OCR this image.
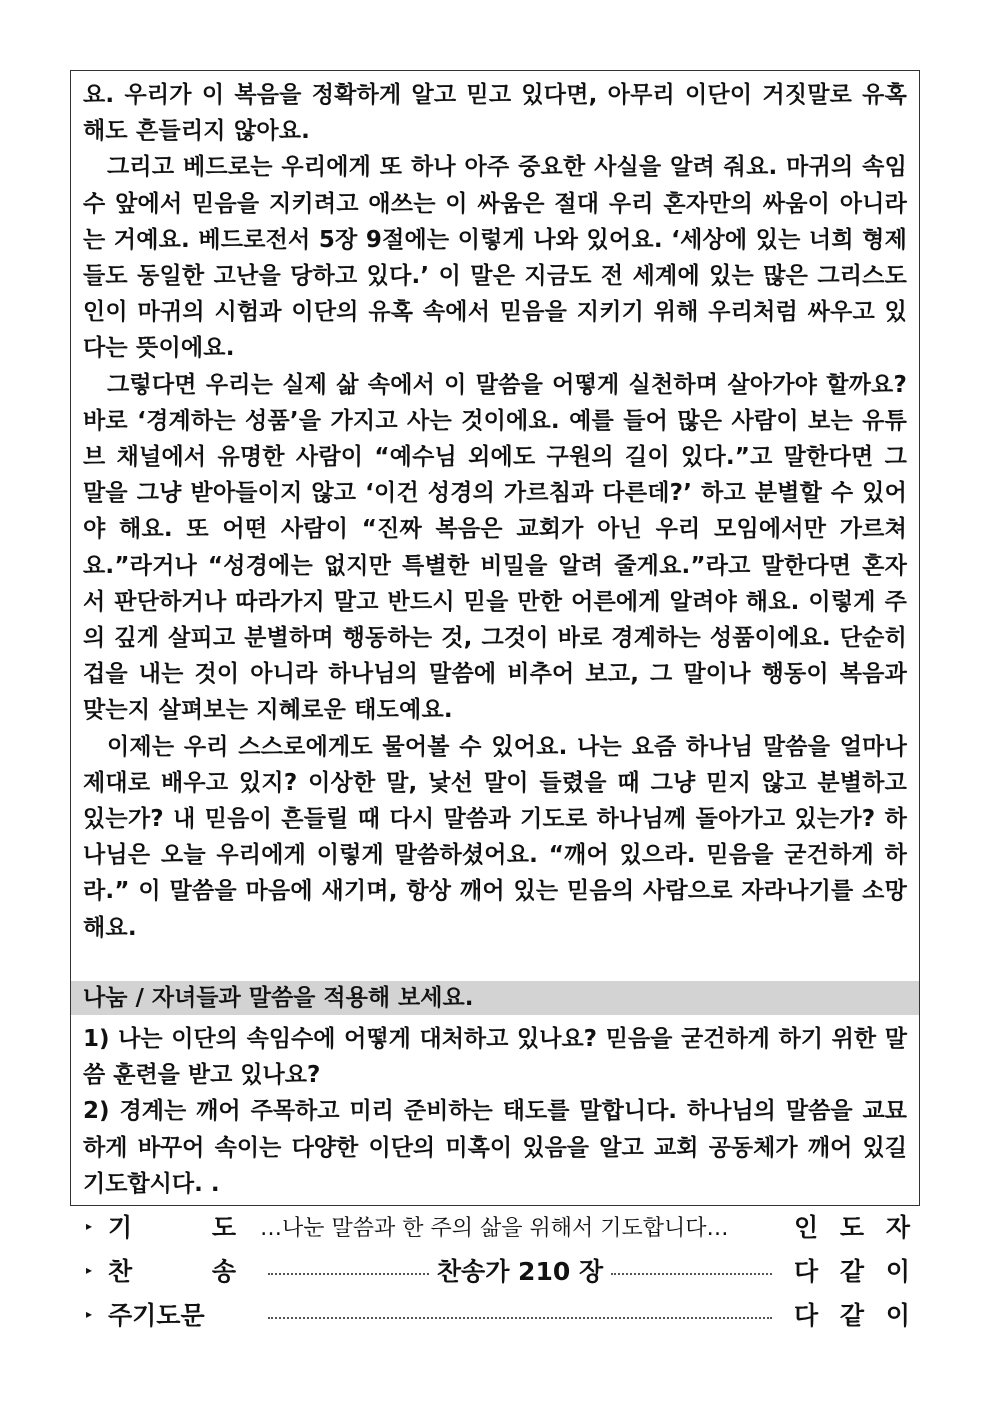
요. 우리가 이 복음을 정확하게 알고 믿고 있다면, 아무리 이단이 거짓말로 유혹해도 흔들리지 않아요.

그리고 베드로는 우리에게 또 하나 아주 중요한 사실을 알려 줘요. 마귀의 속임수 앞에서 믿음을 지키려고 애쓰는 이 싸움은 절대 우리 혼자만의 싸움이 아니라는 거예요. 베드로전서 5장 9절에는 이렇게 나와 있어요. ‘세상에 있는 너희 형제들도 동일한 고난을 당하고 있다.’ 이 말은 지금도 전 세계에 있는 많은 그리스도인이 마귀의 시험과 이단의 유혹 속에서 믿음을 지키기 위해 우리처럼 싸우고 있다는 뜻이에요.

그렇다면 우리는 실제 삶 속에서 이 말씀을 어떻게 실천하며 살아가야 할까요? 바로 ‘경계하는 성품’을 가지고 사는 것이에요. 예를 들어 많은 사람이 보는 유튜브 채널에서 유명한 사람이 “예수님 외에도 구원의 길이 있다.”고 말한다면 그 말을 그냥 받아들이지 않고 ‘이건 성경의 가르침과 다른데?’ 하고 분별할 수 있어야 해요. 또 어떤 사람이 “진짜 복음은 교회가 아닌 우리 모임에서만 가르쳐요.”라거나 “성경에는 없지만 특별한 비밀을 알려 줄게요.”라고 말한다면 혼자서 판단하거나 따라가지 말고 반드시 믿을 만한 어른에게 알려야 해요. 이렇게 주의 깊게 살피고 분별하며 행동하는 것, 그것이 바로 경계하는 성품이에요. 단순히 겁을 내는 것이 아니라 하나님의 말씀에 비추어 보고, 그 말이나 행동이 복음과 맞는지 살펴보는 지혜로운 태도예요.

이제는 우리 스스로에게도 물어볼 수 있어요. 나는 요즘 하나님 말씀을 얼마나 제대로 배우고 있지? 이상한 말, 낯선 말이 들렸을 때 그냥 믿지 않고 분별하고 있는가? 내 믿음이 흔들릴 때 다시 말씀과 기도로 하나님께 돌아가고 있는가? 하나님은 오늘 우리에게 이렇게 말씀하셨어요. “깨어 있으라. 믿음을 굳건하게 하라.” 이 말씀을 마음에 새기며, 항상 깨어 있는 믿음의 사람으로 자라나기를 소망해요.

나눔 / 자녀들과 말씀을 적용해 보세요.

1) 나는 이단의 속임수에 어떻게 대처하고 있나요? 믿음을 굳건하게 하기 위한 말씀 훈련을 받고 있나요?

2) 경계는 깨어 주목하고 미리 준비하는 태도를 말합니다. 하나님의 말씀을 교묘하게 바꾸어 속이는 다양한 이단의 미혹이 있음을 알고 교회 공동체가 깨어 있길 기도합시다. .

▸ 기	도 …나눈 말씀과 한 주의 삶을 위해서 기도합니다…	인 도 자
▸ 찬	송	찬송가 210 장	다 같 이
▸ 주기도문	다 같 이
